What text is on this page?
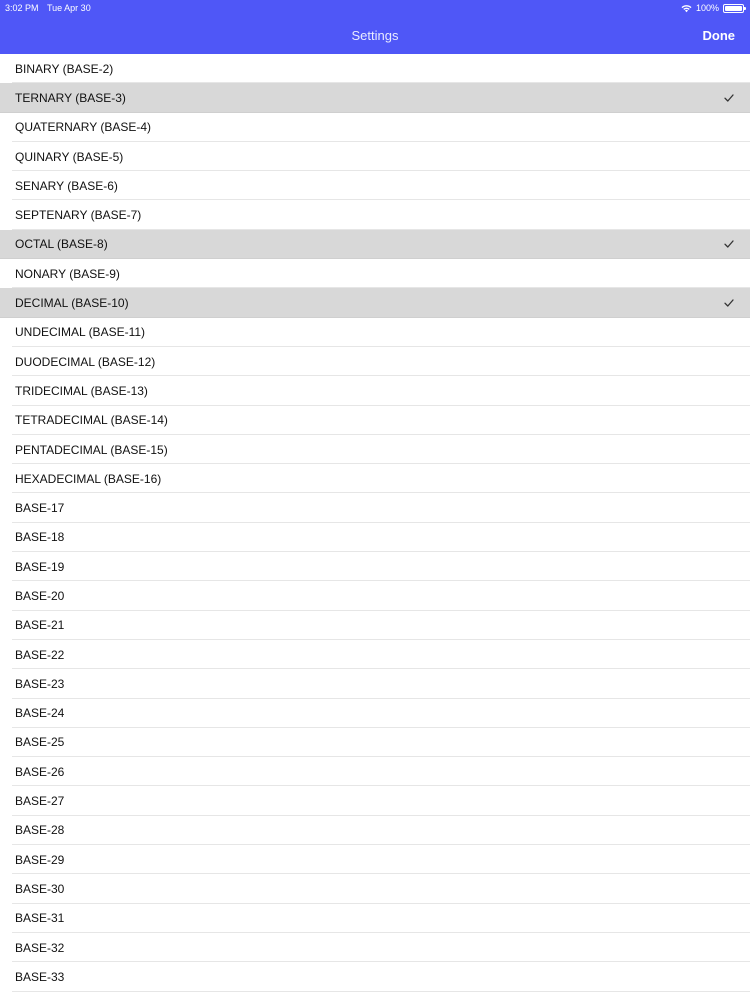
3:02 PM Tue Apr 30	100%
Settings	Done
BINARY (BASE-2)
TERNARY (BASE-3)
QUATERNARY (BASE-4)
QUINARY (BASE-5)
SENARY (BASE-6)
SEPTENARY (BASE-7)
OCTAL (BASE-8)
NONARY (BASE-9)
DECIMAL (BASE-10)
UNDECIMAL (BASE-11)
DUODECIMAL (BASE-12)
TRIDECIMAL (BASE-13)
TETRADECIMAL (BASE-14)
PENTADECIMAL (BASE-15)
HEXADECIMAL (BASE-16)
BASE-17
BASE-18
BASE-19
BASE-20
BASE-21
BASE-22
BASE-23
BASE-24
BASE-25
BASE-26
BASE-27
BASE-28
BASE-29
BASE-30
BASE-31
BASE-32
BASE-33
